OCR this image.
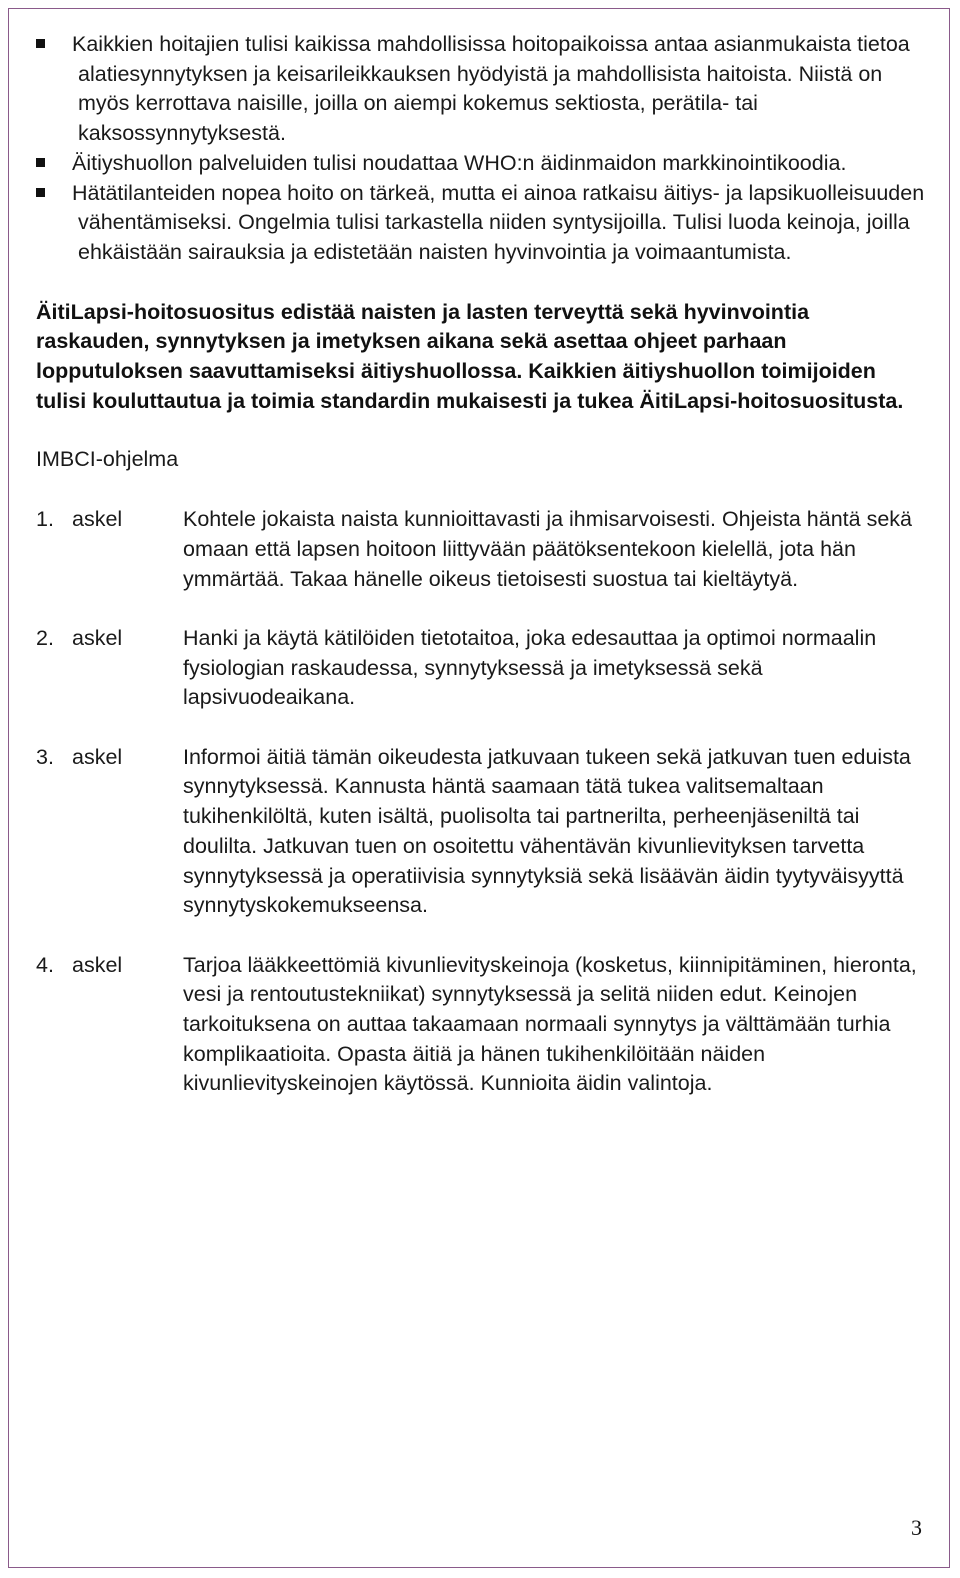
Kaikkien hoitajien tulisi kaikissa mahdollisissa hoitopaikoissa antaa asianmukaista tietoa alatiesynnytyksen ja keisarileikkauksen hyödyistä ja mahdollisista haitoista. Niistä on myös kerrottava naisille, joilla on aiempi kokemus sektiosta, perätila- tai kaksossynnytyksestä.
Äitiyshuollon palveluiden tulisi noudattaa WHO:n äidinmaidon markkinointikoodia.
Hätätilanteiden nopea hoito on tärkeä, mutta ei ainoa ratkaisu äitiys- ja lapsikuolleisuuden vähentämiseksi. Ongelmia tulisi tarkastella niiden syntysijoilla. Tulisi luoda keinoja, joilla ehkäistään sairauksia ja edistetään naisten hyvinvointia ja voimaantumista.

ÄitiLapsi-hoitosuositus edistää naisten ja lasten terveyttä sekä hyvinvointia raskauden, synnytyksen ja imetyksen aikana sekä asettaa ohjeet parhaan lopputuloksen saavuttamiseksi äitiyshuollossa. Kaikkien äitiyshuollon toimijoiden tulisi kouluttautua ja toimia standardin mukaisesti ja tukea ÄitiLapsi-hoitosuositusta.

IMBCI-ohjelma

1. askel	Kohtele jokaista naista kunnioittavasti ja ihmisarvoisesti. Ohjeista häntä sekä omaan että lapsen hoitoon liittyvään päätöksentekoon kielellä, jota hän ymmärtää. Takaa hänelle oikeus tietoisesti suostua tai kieltäytyä.
2. askel	Hanki ja käytä kätilöiden tietotaitoa, joka edesauttaa ja optimoi normaalin fysiologian raskaudessa, synnytyksessä ja imetyksessä sekä lapsivuodeaikana.
3. askel	Informoi äitiä tämän oikeudesta jatkuvaan tukeen sekä jatkuvan tuen eduista synnytyksessä. Kannusta häntä saamaan tätä tukea valitsemaltaan tukihenkilöltä, kuten isältä, puolisolta tai partnerilta, perheenjäseniltä tai doulilta. Jatkuvan tuen on osoitettu vähentävän kivunlievityksen tarvetta synnytyksessä ja operatiivisia synnytyksiä sekä lisäävän äidin tyytyväisyyttä synnytyskokemukseensa.
4. askel	Tarjoa lääkkeettömiä kivunlievityskeinoja (kosketus, kiinnipitäminen, hieronta, vesi ja rentoutustekniikat) synnytyksessä ja selitä niiden edut. Keinojen tarkoituksena on auttaa takaamaan normaali synnytys ja välttämään turhia komplikaatioita. Opasta äitiä ja hänen tukihenkilöitään näiden kivunlievityskeinojen käytössä. Kunnioita äidin valintoja.
3
